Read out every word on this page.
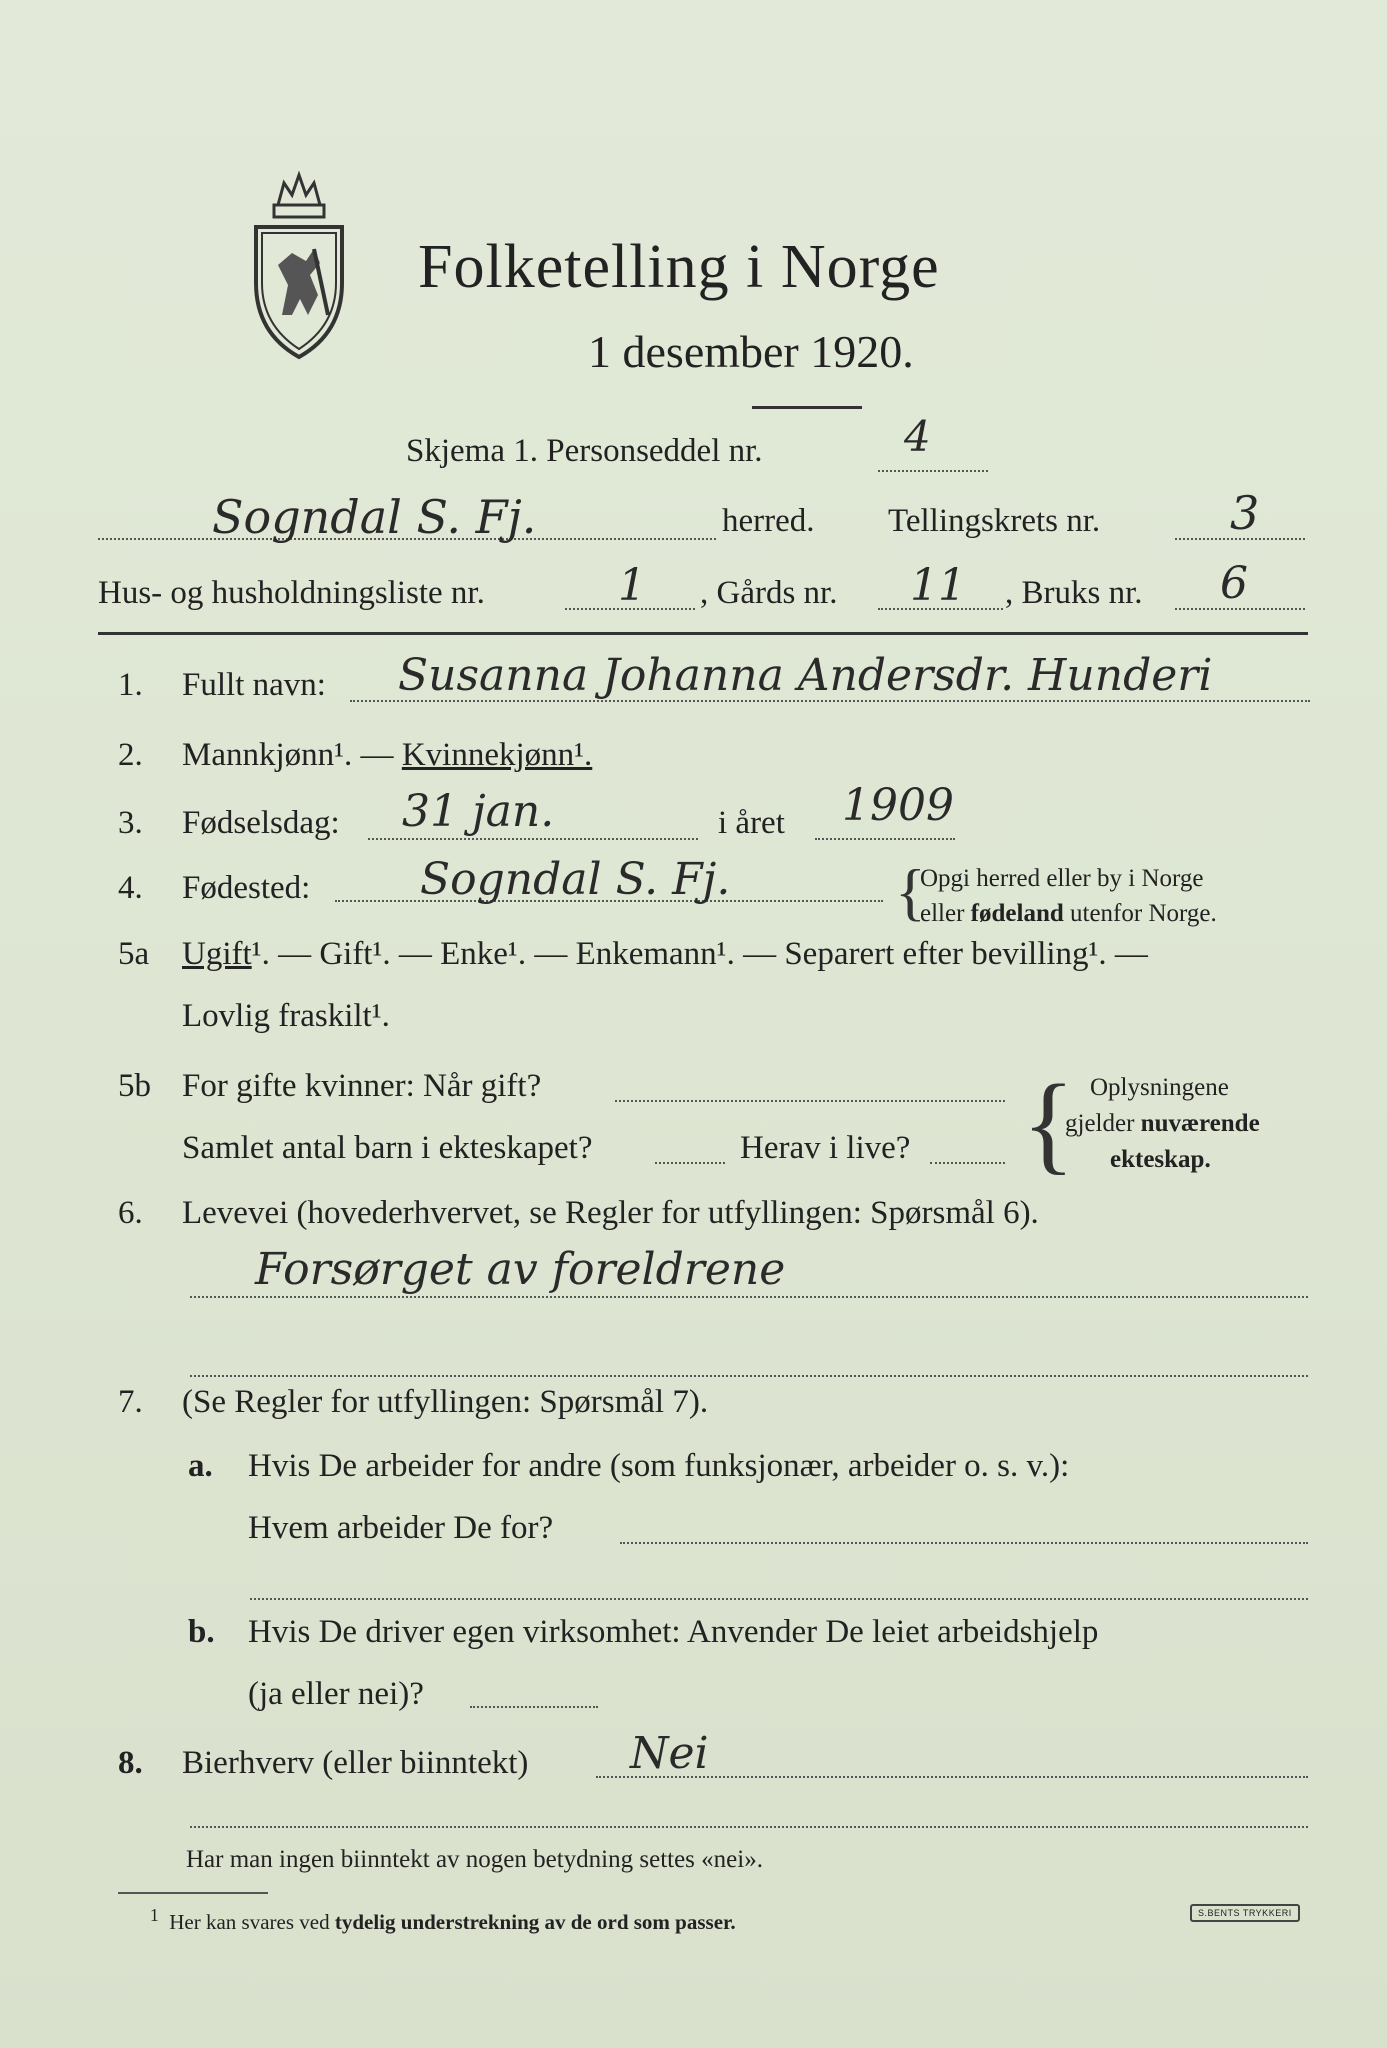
Folketelling i Norge
1 desember 1920.
Skjema 1. Personseddel nr.	4
Sogndal S. Fj.	herred. Tellingskrets nr.	3
Hus- og husholdningsliste nr.	1 , Gårds nr. 11 , Bruks nr. 6
1. Fullt navn: Susanna Johanna Andersdr. Hunderi
2. Mannkjønn¹. — Kvinnekjønn¹.
3. Fødselsdag: 31 jan.	i året 1909
4. Fødested: Sogndal S. Fj.	{
Opgi herred eller by i Norge
eller fødeland utenfor Norge.
5a Ugift¹. — Gift¹. — Enke¹. — Enkemann¹. — Separert efter bevilling¹. —
Lovlig fraskilt¹.
5b For gifte kvinner: Når gift?
Samlet antal barn i ekteskapet?	Herav i live? { Oplysningene
gjelder nuværende
ekteskap.
6. Levevei (hovederhvervet, se Regler for utfyllingen: Spørsmål 6).
Forsørget av foreldrene
7. (Se Regler for utfyllingen: Spørsmål 7).
a. Hvis De arbeider for andre (som funksjonær, arbeider o. s. v.):
Hvem arbeider De for?
b. Hvis De driver egen virksomhet: Anvender De leiet arbeidshjelp
(ja eller nei)?
8. Bierhverv (eller biinntekt) Nei
Har man ingen biinntekt av nogen betydning settes «nei».
$^1$ Her kan svares ved tydelig understrekning av de ord som passer.	S.BENTS TRYKKERI
